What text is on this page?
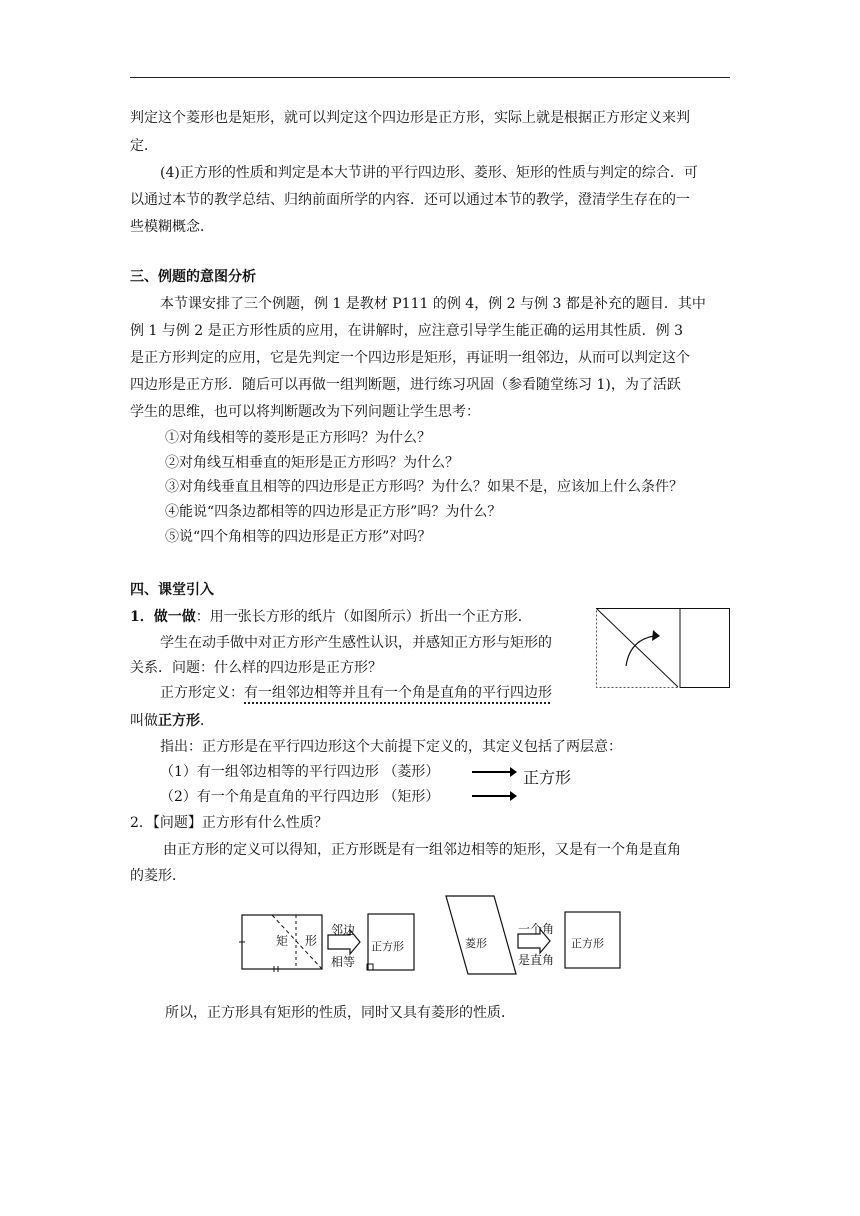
判定这个菱形也是矩形，就可以判定这个四边形是正方形，实际上就是根据正方形定义来判
定．
(4)正方形的性质和判定是本大节讲的平行四边形、菱形、矩形的性质与判定的综合．可
以通过本节的教学总结、归纳前面所学的内容．还可以通过本节的教学，澄清学生存在的一
些模糊概念．
三、例题的意图分析
本节课安排了三个例题，例 1 是教材 P111 的例 4，例 2 与例 3 都是补充的题目．其中
例 1 与例 2 是正方形性质的应用，在讲解时，应注意引导学生能正确的运用其性质．例 3
是正方形判定的应用，它是先判定一个四边形是矩形，再证明一组邻边，从而可以判定这个
四边形是正方形．随后可以再做一组判断题，进行练习巩固（参看随堂练习 1)，为了活跃
学生的思维，也可以将判断题改为下列问题让学生思考：
①对角线相等的菱形是正方形吗？为什么？
②对角线互相垂直的矩形是正方形吗？为什么？
③对角线垂直且相等的四边形是正方形吗？为什么？如果不是，应该加上什么条件？
④能说“四条边都相等的四边形是正方形”吗？为什么？
⑤说“四个角相等的四边形是正方形”对吗？
四、课堂引入
1．做一做：用一张长方形的纸片（如图所示）折出一个正方形．
学生在动手做中对正方形产生感性认识，并感知正方形与矩形的
关系．问题：什么样的四边形是正方形？
正方形定义：有一组邻边相等并且有一个角是直角的平行四边形
叫做正方形．
指出：正方形是在平行四边形这个大前提下定义的，其定义包括了两层意：
（1）有一组邻边相等的平行四边形 （菱形）
（2）有一个角是直角的平行四边形 （矩形）
2．【问题】正方形有什么性质？
由正方形的定义可以得知，正方形既是有一组邻边相等的矩形，又是有一个角是直角
的菱形．
所以，正方形具有矩形的性质，同时又具有菱形的性质．
正方形
矩 形
邻边
相等
正方形	菱形
一个角
是直角
正方形
